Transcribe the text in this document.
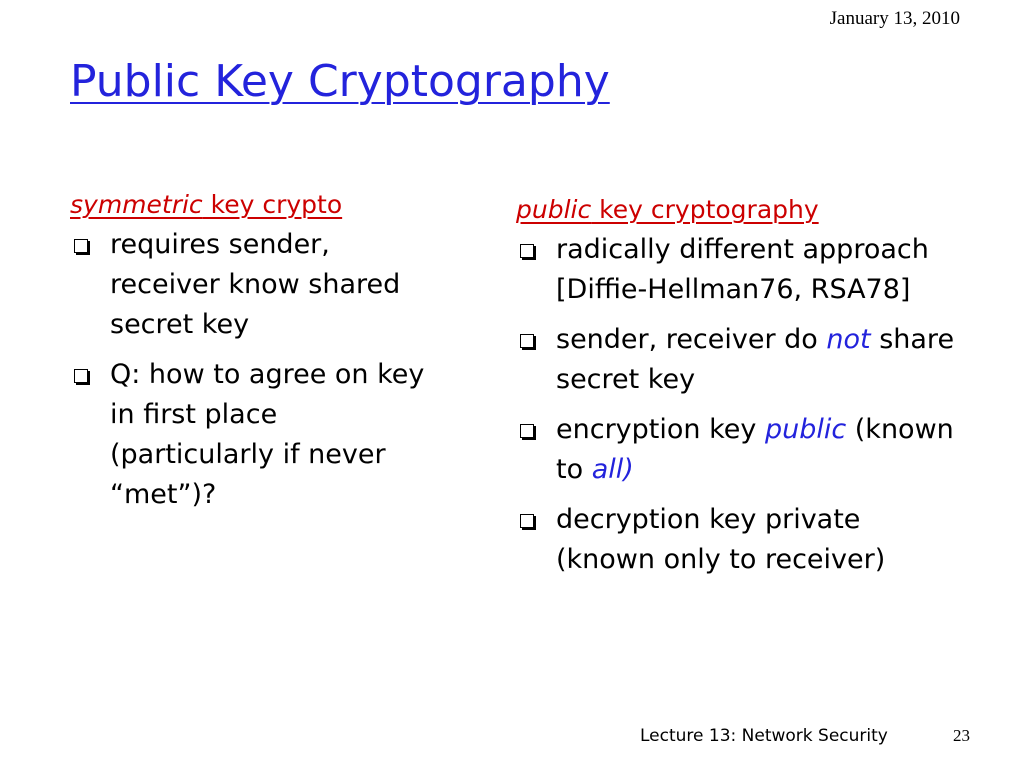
January 13, 2010
Public Key Cryptography
symmetric key crypto
requires sender, receiver know shared secret key
Q: how to agree on key in first place (particularly if never “met”)?
public key cryptography
radically different approach [Diffie-Hellman76, RSA78]
sender, receiver do not share secret key
encryption key public (known to all)
decryption key private (known only to receiver)
Lecture 13: Network Security	23
